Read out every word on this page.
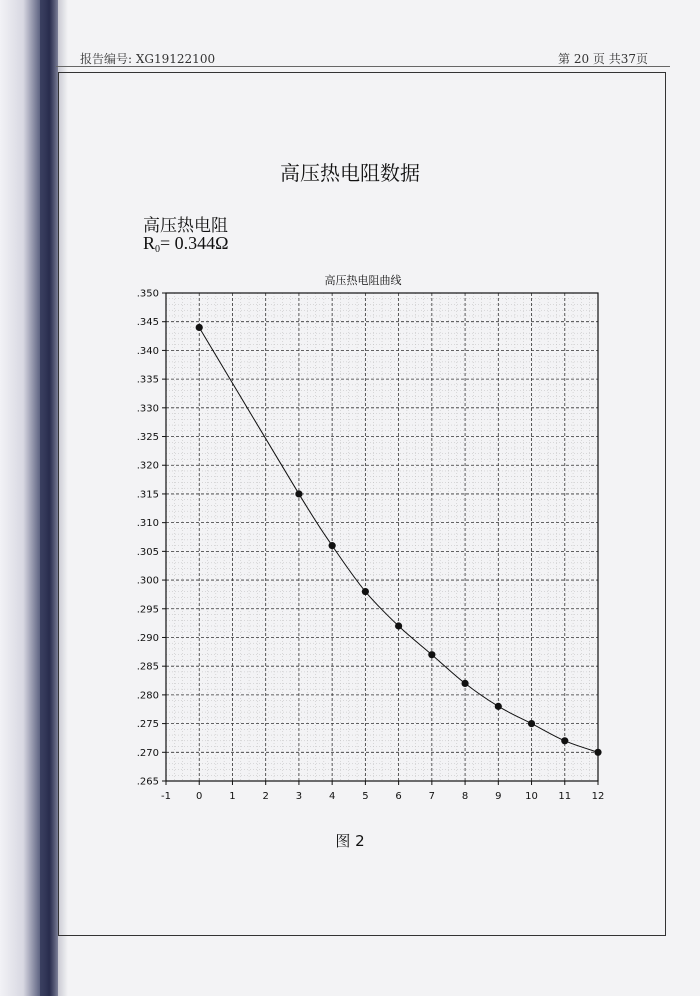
报告编号: XG19122100	第 20 页 共37页
高压热电阻数据
高压热电阻
$R_0= 0.344\Omega$
高压热电阻曲线
-1	0	1	2	3	4	5	6	7	8	9 10 11 12
.265
.270
.275
.280
.285
.290
.295
.300
.305
.310
.315
.320
.325
.330
.335
.340
.345
.350
图 2
